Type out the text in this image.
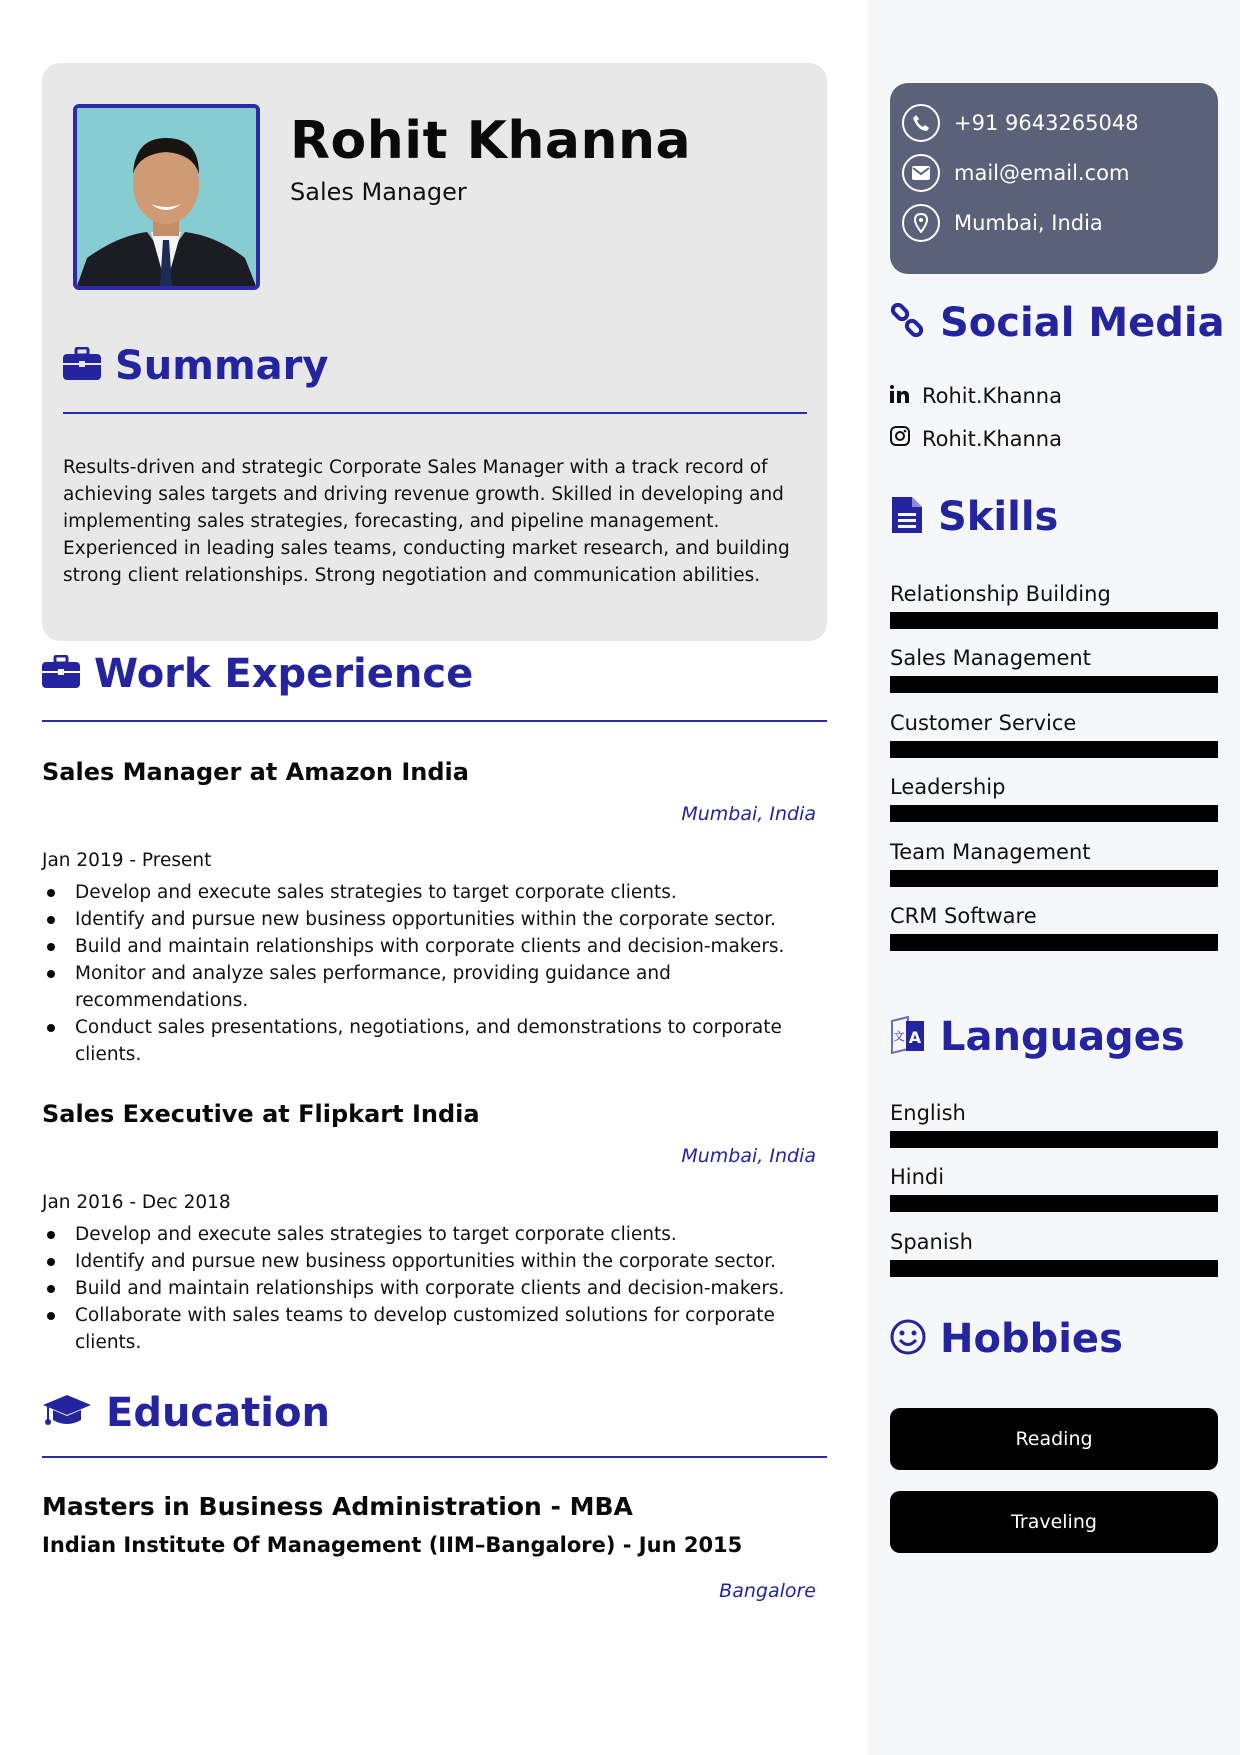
Rohit Khanna
Sales Manager
Summary
Results-driven and strategic Corporate Sales Manager with a track record of achieving sales targets and driving revenue growth. Skilled in developing and implementing sales strategies, forecasting, and pipeline management. Experienced in leading sales teams, conducting market research, and building strong client relationships. Strong negotiation and communication abilities.
Work Experience
Sales Manager at Amazon India
Mumbai, India
Jan 2019 - Present
Develop and execute sales strategies to target corporate clients.
Identify and pursue new business opportunities within the corporate sector.
Build and maintain relationships with corporate clients and decision-makers.
Monitor and analyze sales performance, providing guidance and recommendations.
Conduct sales presentations, negotiations, and demonstrations to corporate clients.
Sales Executive at Flipkart India
Mumbai, India
Jan 2016 - Dec 2018
Develop and execute sales strategies to target corporate clients.
Identify and pursue new business opportunities within the corporate sector.
Build and maintain relationships with corporate clients and decision-makers.
Collaborate with sales teams to develop customized solutions for corporate clients.
Education
Masters in Business Administration - MBA
Indian Institute Of Management (IIM–Bangalore) - Jun 2015
Bangalore
+91 9643265048
mail@email.com
Mumbai, India
Social Media
Rohit.Khanna
Rohit.Khanna
Skills
Relationship Building
Sales Management
Customer Service
Leadership
Team Management
CRM Software
A
文 Languages
English
Hindi
Spanish
Hobbies
Reading
Traveling
